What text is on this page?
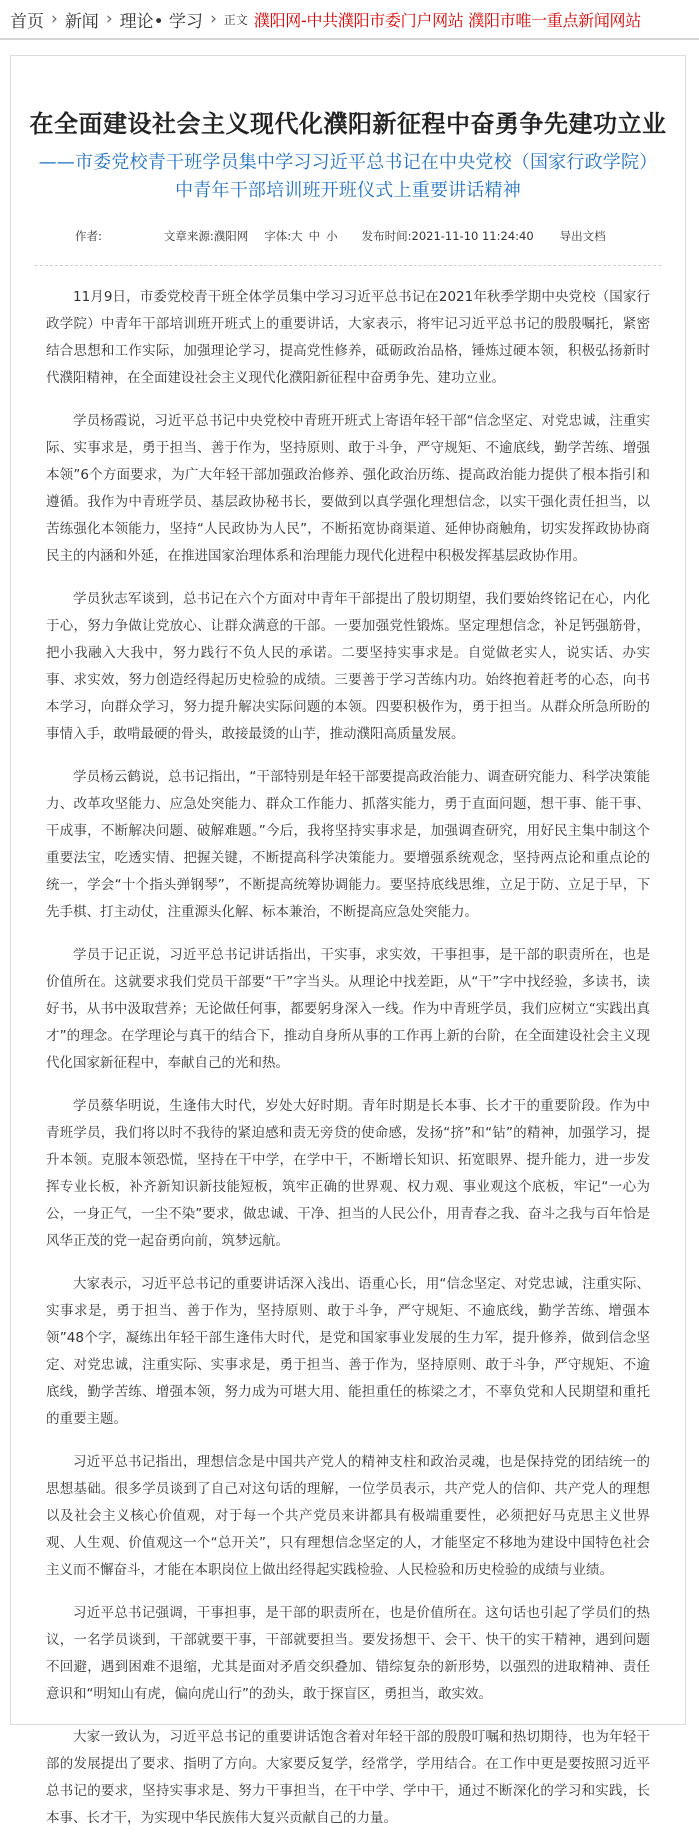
首页 › 新闻 › 理论• 学习 › 正文 濮阳网-中共濮阳市委门户网站 濮阳市唯一重点新闻网站
在全面建设社会主义现代化濮阳新征程中奋勇争先建功立业
——市委党校青干班学员集中学习习近平总书记在中央党校（国家行政学院）中青年干部培训班开班仪式上重要讲话精神
作者:	文章来源: 濮阳网 字体: 大 中 小 发布时间: 2021-11-10 11:24:40 导出文档

11月9日，市委党校青干班全体学员集中学习习近平总书记在2021年秋季学期中央党校（国家行政学院）中青年干部培训班开班式上的重要讲话，大家表示，将牢记习近平总书记的殷殷嘱托，紧密结合思想和工作实际，加强理论学习，提高党性修养，砥砺政治品格，锤炼过硬本领，积极弘扬新时代濮阳精神，在全面建设社会主义现代化濮阳新征程中奋勇争先、建功立业。

学员杨霞说，习近平总书记中央党校中青班开班式上寄语年轻干部“信念坚定、对党忠诚，注重实际、实事求是，勇于担当、善于作为，坚持原则、敢于斗争，严守规矩、不逾底线，勤学苦练、增强本领”6个方面要求，为广大年轻干部加强政治修养、强化政治历练、提高政治能力提供了根本指引和遵循。我作为中青班学员、基层政协秘书长，要做到以真学强化理想信念，以实干强化责任担当，以苦练强化本领能力，坚持“人民政协为人民”，不断拓宽协商渠道、延伸协商触角，切实发挥政协协商民主的内涵和外延，在推进国家治理体系和治理能力现代化进程中积极发挥基层政协作用。

学员狄志军谈到，总书记在六个方面对中青年干部提出了殷切期望，我们要始终铭记在心，内化于心，努力争做让党放心、让群众满意的干部。一要加强党性锻炼。坚定理想信念，补足钙强筋骨，把小我融入大我中，努力践行不负人民的承诺。二要坚持实事求是。自觉做老实人，说实话、办实事、求实效，努力创造经得起历史检验的成绩。三要善于学习苦练内功。始终抱着赶考的心态，向书本学习，向群众学习，努力提升解决实际问题的本领。四要积极作为，勇于担当。从群众所急所盼的事情入手，敢啃最硬的骨头，敢接最烫的山芋，推动濮阳高质量发展。

学员杨云鹤说，总书记指出，“干部特别是年轻干部要提高政治能力、调查研究能力、科学决策能力、改革攻坚能力、应急处突能力、群众工作能力、抓落实能力，勇于直面问题，想干事、能干事、干成事，不断解决问题、破解难题。”今后，我将坚持实事求是，加强调查研究，用好民主集中制这个重要法宝，吃透实情、把握关键，不断提高科学决策能力。要增强系统观念，坚持两点论和重点论的统一，学会“十个指头弹钢琴”，不断提高统筹协调能力。要坚持底线思维，立足于防、立足于早，下先手棋、打主动仗，注重源头化解、标本兼治，不断提高应急处突能力。

学员于记正说，习近平总书记讲话指出，干实事，求实效，干事担事，是干部的职责所在，也是价值所在。这就要求我们党员干部要“干”字当头。从理论中找差距，从“干”字中找经验，多读书，读好书，从书中汲取营养；无论做任何事，都要躬身深入一线。作为中青班学员，我们应树立“实践出真才”的理念。在学理论与真干的结合下，推动自身所从事的工作再上新的台阶，在全面建设社会主义现代化国家新征程中，奉献自己的光和热。

学员蔡华明说，生逢伟大时代，岁处大好时期。青年时期是长本事、长才干的重要阶段。作为中青班学员，我们将以时不我待的紧迫感和责无旁贷的使命感，发扬“挤”和“钻”的精神，加强学习，提升本领。克服本领恐慌，坚持在干中学，在学中干，不断增长知识、拓宽眼界、提升能力，进一步发挥专业长板，补齐新知识新技能短板，筑牢正确的世界观、权力观、事业观这个底板，牢记“一心为公，一身正气，一尘不染”要求，做忠诚、干净、担当的人民公仆，用青春之我、奋斗之我与百年恰是风华正茂的党一起奋勇向前，筑梦远航。

大家表示，习近平总书记的重要讲话深入浅出、语重心长，用“信念坚定、对党忠诚，注重实际、实事求是，勇于担当、善于作为，坚持原则、敢于斗争，严守规矩、不逾底线，勤学苦练、增强本领”48个字，凝练出年轻干部生逢伟大时代，是党和国家事业发展的生力军，提升修养，做到信念坚定、对党忠诚，注重实际、实事求是，勇于担当、善于作为，坚持原则、敢于斗争，严守规矩、不逾底线，勤学苦练、增强本领，努力成为可堪大用、能担重任的栋梁之才，不辜负党和人民期望和重托的重要主题。

习近平总书记指出，理想信念是中国共产党人的精神支柱和政治灵魂，也是保持党的团结统一的思想基础。很多学员谈到了自己对这句话的理解，一位学员表示，共产党人的信仰、共产党人的理想以及社会主义核心价值观，对于每一个共产党员来讲都具有极端重要性，必须把好马克思主义世界观、人生观、价值观这一个“总开关”，只有理想信念坚定的人，才能坚定不移地为建设中国特色社会主义而不懈奋斗，才能在本职岗位上做出经得起实践检验、人民检验和历史检验的成绩与业绩。

习近平总书记强调，干事担事，是干部的职责所在，也是价值所在。这句话也引起了学员们的热议，一名学员谈到，干部就要干事，干部就要担当。要发扬想干、会干、快干的实干精神，遇到问题不回避，遇到困难不退缩，尤其是面对矛盾交织叠加、错综复杂的新形势，以强烈的进取精神、责任意识和“明知山有虎，偏向虎山行”的劲头，敢于探盲区，勇担当，敢实效。

大家一致认为，习近平总书记的重要讲话饱含着对年轻干部的殷殷叮嘱和热切期待，也为年轻干部的发展提出了要求、指明了方向。大家要反复学，经常学，学用结合。在工作中更是要按照习近平总书记的要求，坚持实事求是、努力干事担当，在干中学、学中干，通过不断深化的学习和实践，长本事、长才干，为实现中华民族伟大复兴贡献自己的力量。
